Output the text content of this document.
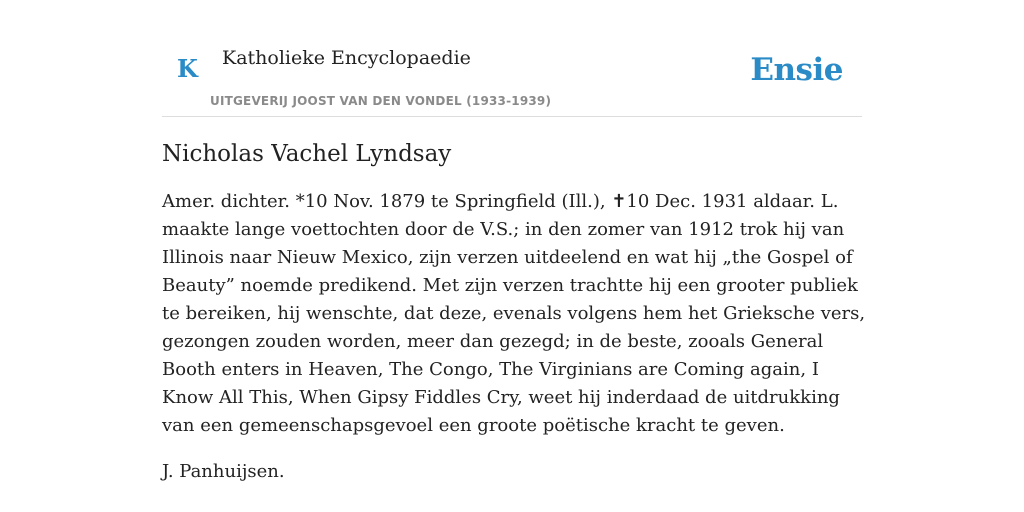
K Katholieke Encyclopaedie
UITGEVERIJ JOOST VAN DEN VONDEL (1933-1939)
Ensie
Nicholas Vachel Lyndsay

Amer. dichter. *10 Nov. 1879 te Springfield (Ill.), ✝10 Dec. 1931 aldaar. L. maakte lange voettochten door de V.S.; in den zomer van 1912 trok hij van Illinois naar Nieuw Mexico, zijn verzen uitdeelend en wat hij „the Gospel of Beauty” noemde predikend. Met zijn verzen trachtte hij een grooter publiek te bereiken, hij wenschte, dat deze, evenals volgens hem het Grieksche vers, gezongen zouden worden, meer dan gezegd; in de beste, zooals General Booth enters in Heaven, The Congo, The Virginians are Coming again, I Know All This, When Gipsy Fiddles Cry, weet hij inderdaad de uitdrukking van een gemeenschapsgevoel een groote poëtische kracht te geven.

J. Panhuijsen.
